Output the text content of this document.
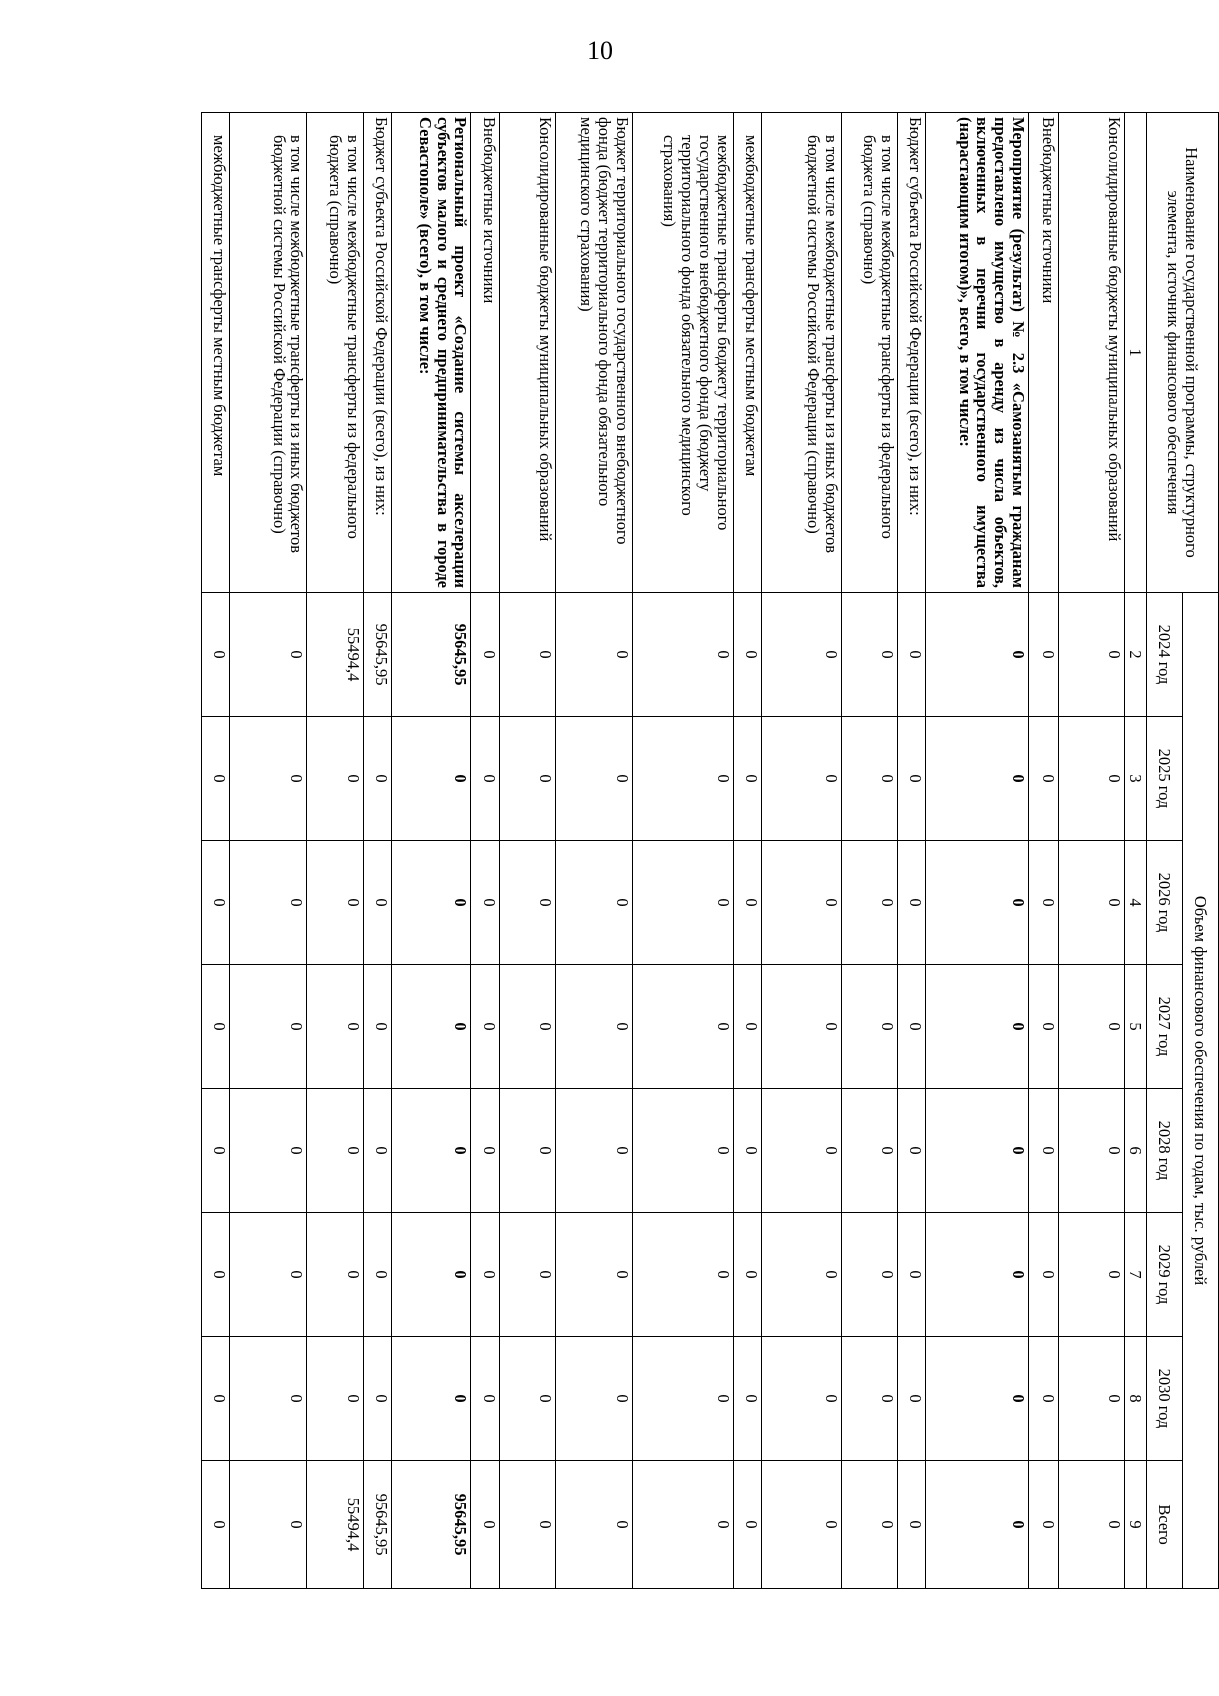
10
Наименование государственной программы, структурного элемента, источник финансового обеспечения	Объем финансового обеспечения по годам, тыс. рублей							
	2024 год	2025 год	2026 год	2027 год	2028 год	2029 год	2030 год	Всего
1	2	3	4	5	6	7	8	9
Консолидированные бюджеты муниципальных образований	0	0	0	0	0	0	0	0
Внебюджетные источники	0	0	0	0	0	0	0	0
Мероприятие (результат) № 2.3 «Самозанятым гражданам предоставлено имущество в аренду из числа объектов, включенных в перечни государственного имущества (нарастающим итогом)», всего, в том числе:	0	0	0	0	0	0	0	0
Бюджет субъекта Российской Федерации (всего), из них:	0	0	0	0	0	0	0	0
в том числе межбюджетные трансферты из федерального бюджета (справочно)	0	0	0	0	0	0	0	0
в том числе межбюджетные трансферты из иных бюджетов бюджетной системы Российской Федерации (справочно)	0	0	0	0	0	0	0	0
межбюджетные трансферты местным бюджетам	0	0	0	0	0	0	0	0
межбюджетные трансферты бюджету территориального государственного внебюджетного фонда (бюджету территориального фонда обязательного медицинского страхования)	0	0	0	0	0	0	0	0
Бюджет территориального государственного внебюджетного фонда (бюджет территориального фонда обязательного медицинского страхования)	0	0	0	0	0	0	0	0
Консолидированные бюджеты муниципальных образований	0	0	0	0	0	0	0	0
Внебюджетные источники	0	0	0	0	0	0	0	0
Региональный проект «Создание системы акселерации субъектов малого и среднего предпринимательства в городе Севастополе» (всего), в том числе:	95645,95	0	0	0	0	0	0	95645,95
Бюджет субъекта Российской Федерации (всего), из них:	95645,95	0	0	0	0	0	0	95645,95
в том числе межбюджетные трансферты из федерального бюджета (справочно)	55494,4	0	0	0	0	0	0	55494,4
в том числе межбюджетные трансферты из иных бюджетов бюджетной системы Российской Федерации (справочно)	0	0	0	0	0	0	0	0
межбюджетные трансферты местным бюджетам	0	0	0	0	0	0	0	0
